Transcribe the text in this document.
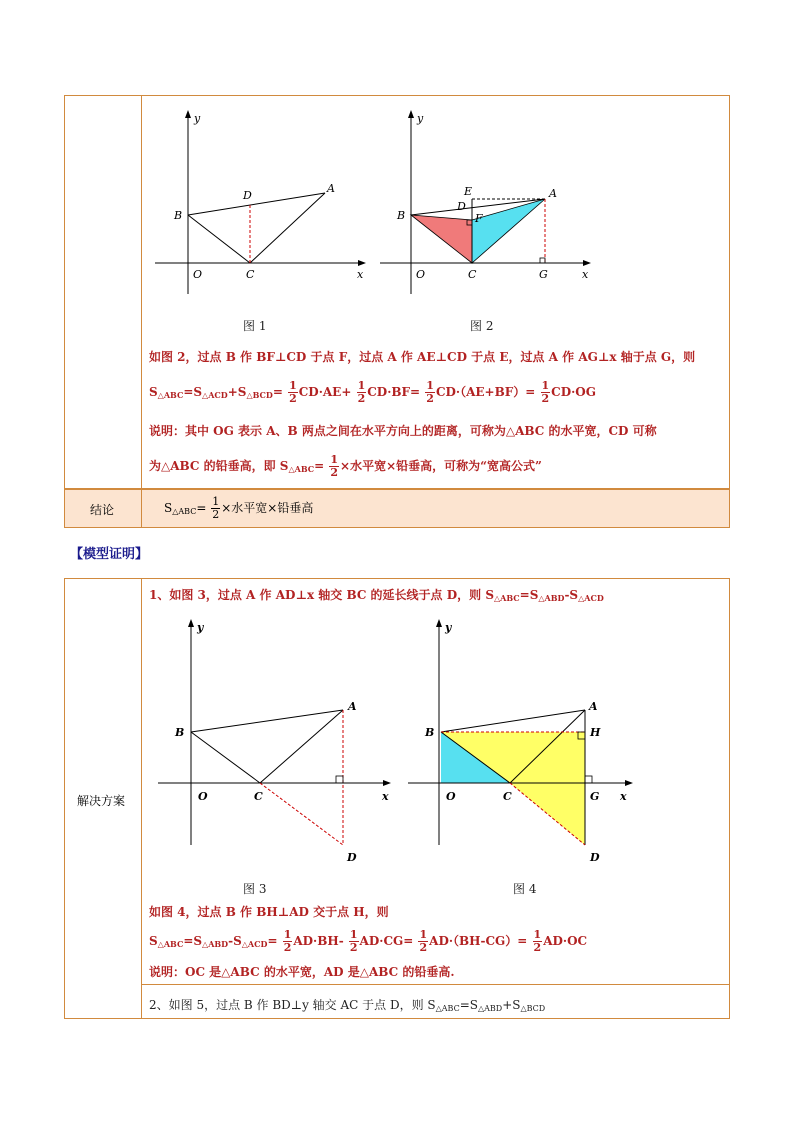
y
x
B
A
D
O	C
图 1
y
x
B
A
E
D
F
O	C	G
图 2
如图 2，过点 B 作 BF⊥CD 于点 F，过点 A 作 AE⊥CD 于点 E，过点 A 作 AG⊥x 轴于点 G，则
$S_{\triangle ABC}=S_{\triangle ACD}+S_{\triangle BCD}= \frac{1}{2} CD\cdot AE+ \frac{1}{2} CD\cdot BF= \frac{1}{2} CD\cdot(AE+BF)= \frac{1}{2} CD\cdot OG$
说明：其中 OG 表示 A、B 两点之间在水平方向上的距离，可称为△ABC 的水平宽，CD 可称
为△ABC 的铅垂高，即 $S_{\triangle ABC}= \frac{1}{2}$ ×水平宽×铅垂高，可称为“宽高公式”
结论	$S_{\triangle ABC}= \frac{1}{2}$ ×水平宽×铅垂高
【模型证明】
解决方案
1、如图 3，过点 A 作 AD⊥x 轴交 BC 的延长线于点 D，则 $S_{\triangle ABC}=S_{\triangle ABD}-S_{\triangle ACD}$
y
x
B
A
O	C
D
图 3
y
x
B
A
H
O	C	G
D
图 4
如图 4，过点 B 作 BH⊥AD 交于点 H，则
$S_{\triangle ABC}=S_{\triangle ABD}-S_{\triangle ACD}= \frac{1}{2} AD\cdot BH- \frac{1}{2} AD\cdot CG= \frac{1}{2} AD\cdot(BH-CG)= \frac{1}{2} AD\cdot OC$
说明：OC 是△ABC 的水平宽，AD 是△ABC 的铅垂高.
2、如图 5，过点 B 作 BD⊥y 轴交 AC 于点 D，则 $S_{\triangle ABC}=S_{\triangle ABD}+S_{\triangle BCD}$
